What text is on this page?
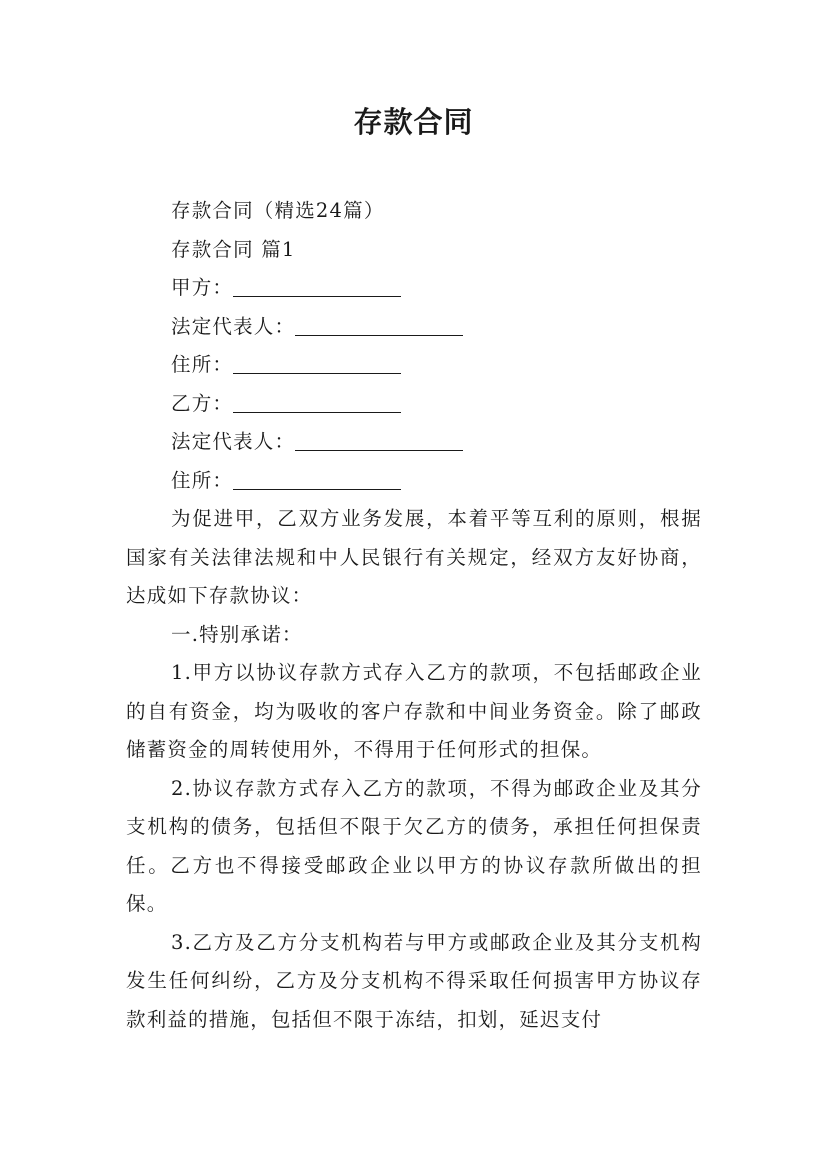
存款合同

存款合同（精选24篇）

存款合同 篇1

甲方：

法定代表人：

住所：

乙方：

法定代表人：

住所：

为促进甲，乙双方业务发展，本着平等互利的原则，根据国家有关法律法规和中人民银行有关规定，经双方友好协商，达成如下存款协议：

一.特别承诺：

1.甲方以协议存款方式存入乙方的款项，不包括邮政企业的自有资金，均为吸收的客户存款和中间业务资金。除了邮政储蓄资金的周转使用外，不得用于任何形式的担保。

2.协议存款方式存入乙方的款项，不得为邮政企业及其分支机构的债务，包括但不限于欠乙方的债务，承担任何担保责任。乙方也不得接受邮政企业以甲方的协议存款所做出的担保。

3.乙方及乙方分支机构若与甲方或邮政企业及其分支机构发生任何纠纷，乙方及分支机构不得采取任何损害甲方协议存款利益的措施，包括但不限于冻结，扣划，延迟支付
